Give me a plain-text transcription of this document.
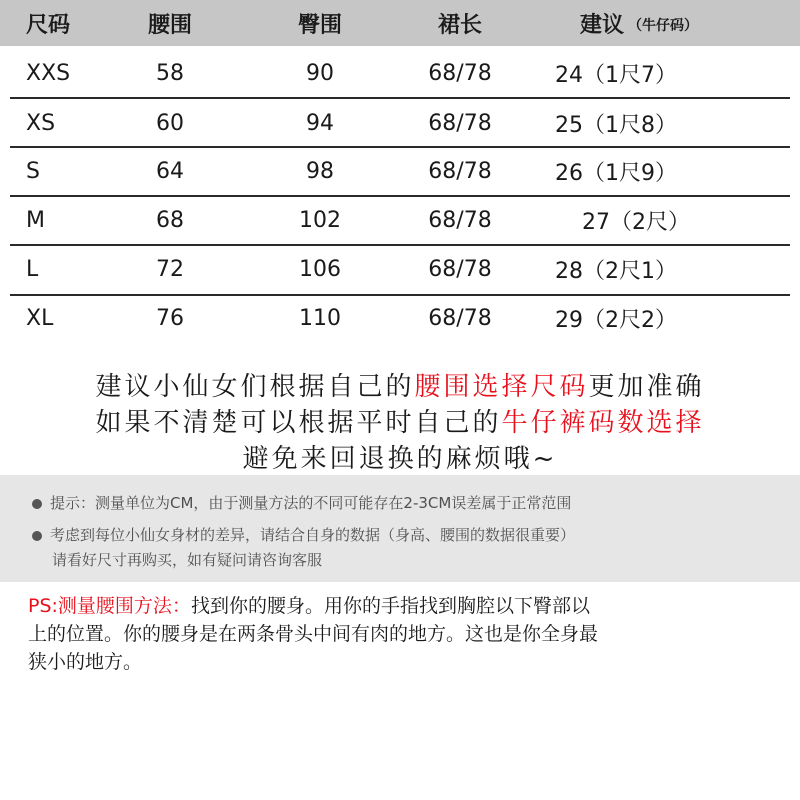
尺码	腰围	臀围	裙长	建议 （牛仔码）
XXS	58	90	68/78	24（1尺7）
XS	60	94	68/78	25（1尺8）
S	64	98	68/78	26（1尺9）
M	68	102	68/78	27（2尺）
L	72	106	68/78	28（2尺1）
XL	76	110	68/78	29（2尺2）
建议小仙女们根据自己的腰围选择尺码更加准确
如果不清楚可以根据平时自己的牛仔裤码数选择
避免来回退换的麻烦哦~
提示：测量单位为CM，由于测量方法的不同可能存在2-3CM误差属于正常范围
考虑到每位小仙女身材的差异，请结合自身的数据（身高、腰围的数据很重要）
请看好尺寸再购买，如有疑问请咨询客服
PS:测量腰围方法：找到你的腰身。用你的手指找到胸腔以下臀部以
上的位置。你的腰身是在两条骨头中间有肉的地方。这也是你全身最
狭小的地方。
